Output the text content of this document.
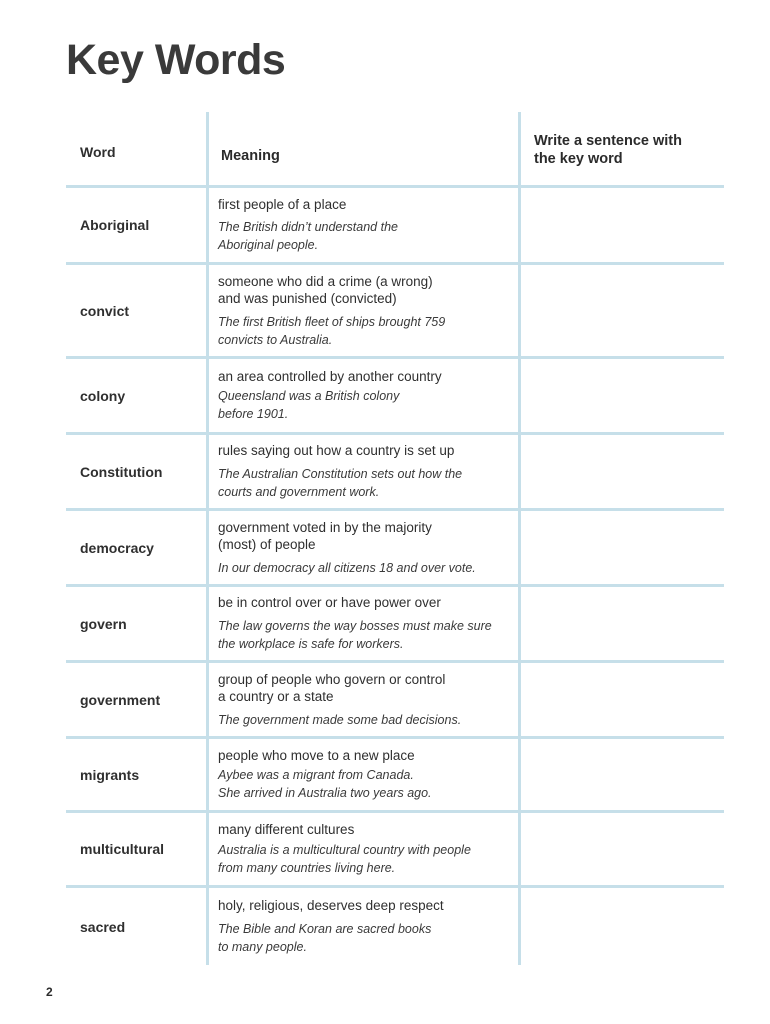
Key Words
Word	Meaning
Write a sentence with
the key word
Aboriginal
first people of a place
The British didn’t understand the
Aboriginal people.
convict
someone who did a crime (a wrong)
and was punished (convicted)
The first British fleet of ships brought 759
convicts to Australia.
colony
an area controlled by another country
Queensland was a British colony
before 1901.
Constitution
rules saying out how a country is set up
The Australian Constitution sets out how the
courts and government work.
democracy
government voted in by the majority
(most) of people
In our democracy all citizens 18 and over vote.
govern
be in control over or have power over
The law governs the way bosses must make sure
the workplace is safe for workers.
government
group of people who govern or control
a country or a state
The government made some bad decisions.
migrants
people who move to a new place
Aybee was a migrant from Canada.
She arrived in Australia two years ago.
multicultural
many different cultures
Australia is a multicultural country with people
from many countries living here.
sacred
holy, religious, deserves deep respect
The Bible and Koran are sacred books
to many people.
2
